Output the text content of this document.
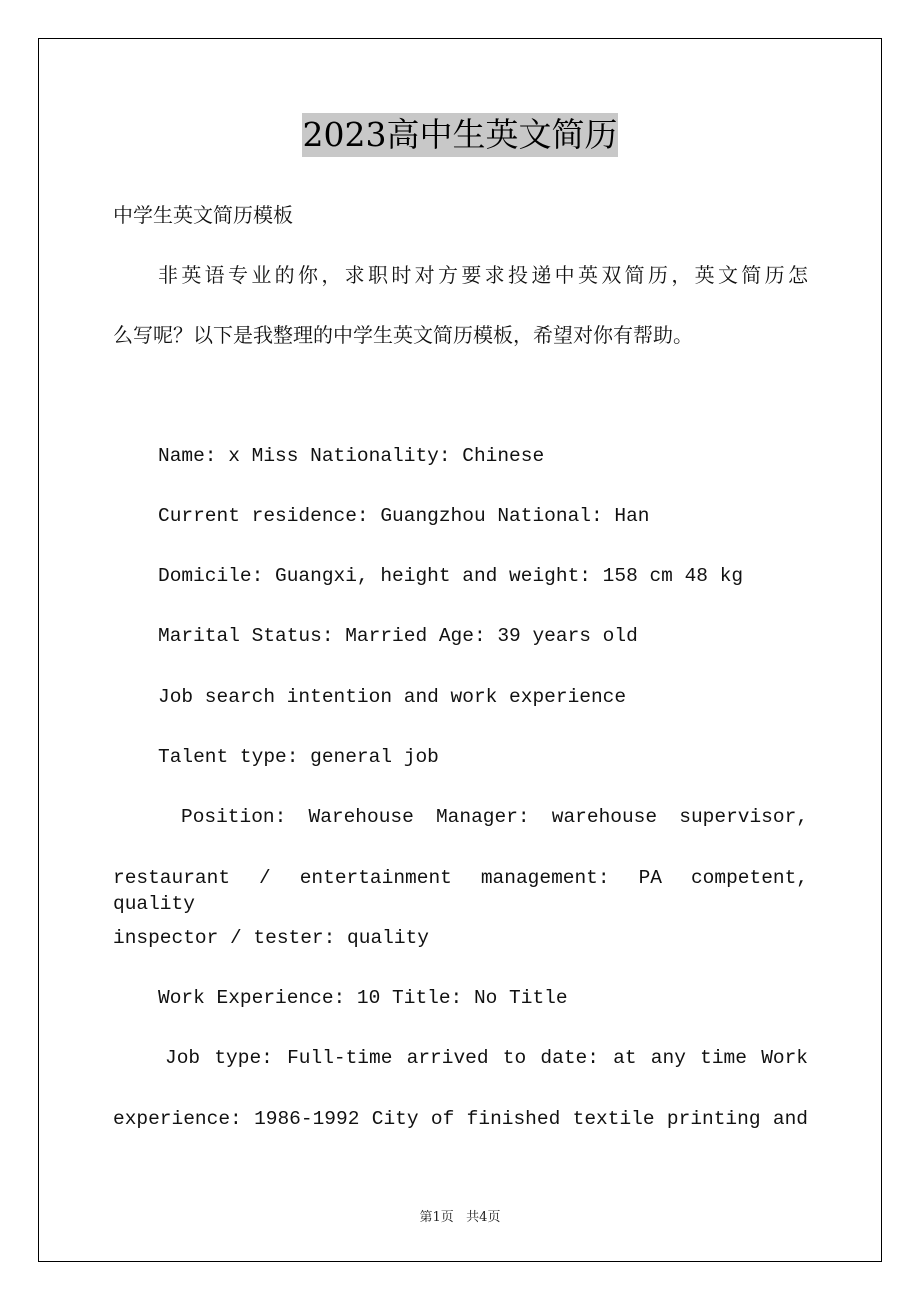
2023高中生英文简历
中学生英文简历模板
非英语专业的你，求职时对方要求投递中英双简历，英文简历怎
么写呢？以下是我整理的中学生英文简历模板，希望对你有帮助。
Name: x Miss Nationality: Chinese
Current residence: Guangzhou National: Han
Domicile: Guangxi, height and weight: 158 cm 48 kg
Marital Status: Married Age: 39 years old
Job search intention and work experience
Talent type: general job
Position: Warehouse Manager: warehouse supervisor,
restaurant / entertainment management: PA competent, quality
inspector / tester: quality
Work Experience: 10 Title: No Title
Job type: Full-time arrived to date: at any time Work
experience: 1986-1992 City of finished textile printing and
第1页   共4页
